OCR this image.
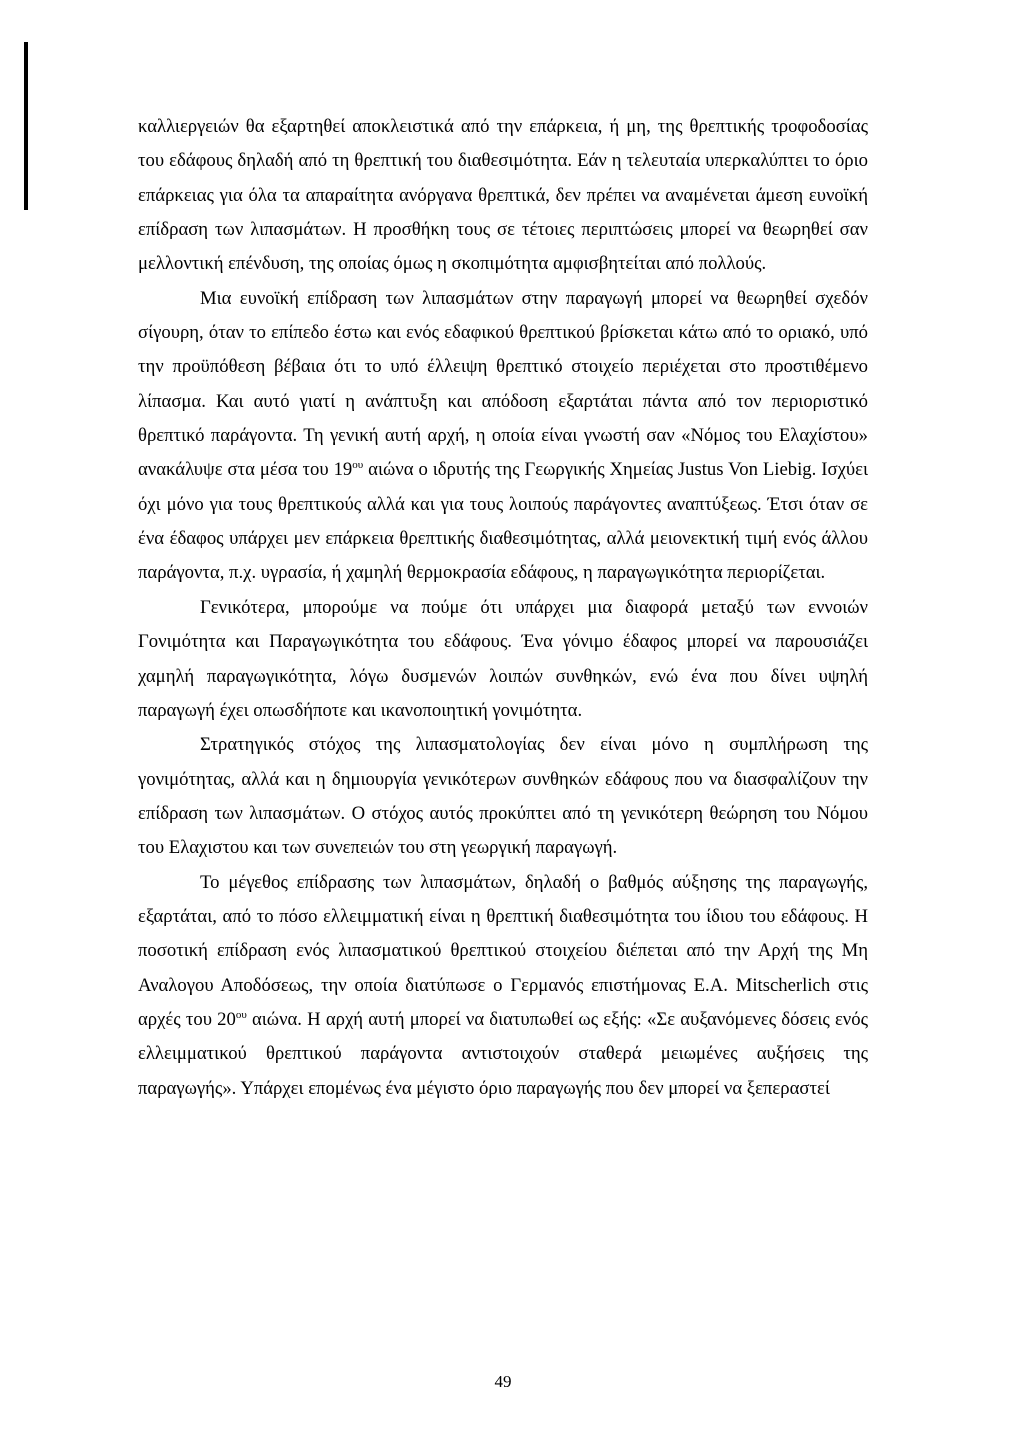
καλλιεργειών θα εξαρτηθεί αποκλειστικά από την επάρκεια, ή μη, της θρεπτικής τροφοδοσίας του εδάφους δηλαδή από τη θρεπτική του διαθεσιμότητα. Εάν η τελευταία υπερκαλύπτει το όριο επάρκειας για όλα τα απαραίτητα ανόργανα θρεπτικά, δεν πρέπει να αναμένεται άμεση ευνοϊκή επίδραση των λιπασμάτων. Η προσθήκη τους σε τέτοιες περιπτώσεις μπορεί να θεωρηθεί σαν μελλοντική επένδυση, της οποίας όμως η σκοπιμότητα αμφισβητείται από πολλούς.

Μια ευνοϊκή επίδραση των λιπασμάτων στην παραγωγή μπορεί να θεωρηθεί σχεδόν σίγουρη, όταν το επίπεδο έστω και ενός εδαφικού θρεπτικού βρίσκεται κάτω από το οριακό, υπό την προϋπόθεση βέβαια ότι το υπό έλλειψη θρεπτικό στοιχείο περιέχεται στο προστιθέμενο λίπασμα. Και αυτό γιατί η ανάπτυξη και απόδοση εξαρτάται πάντα από τον περιοριστικό θρεπτικό παράγοντα. Τη γενική αυτή αρχή, η οποία είναι γνωστή σαν «Νόμος του Ελαχίστου» ανακάλυψε στα μέσα του $19^{o\upsilon}$ αιώνα ο ιδρυτής της Γεωργικής Χημείας Justus Von Liebig. Ισχύει όχι μόνο για τους θρεπτικούς αλλά και για τους λοιπούς παράγοντες αναπτύξεως. Έτσι όταν σε ένα έδαφος υπάρχει μεν επάρκεια θρεπτικής διαθεσιμότητας, αλλά μειονεκτική τιμή ενός άλλου παράγοντα, π.χ. υγρασία, ή χαμηλή θερμοκρασία εδάφους, η παραγωγικότητα περιορίζεται.

Γενικότερα, μπορούμε να πούμε ότι υπάρχει μια διαφορά μεταξύ των εννοιών Γονιμότητα και Παραγωγικότητα του εδάφους. Ένα γόνιμο έδαφος μπορεί να παρουσιάζει χαμηλή παραγωγικότητα, λόγω δυσμενών λοιπών συνθηκών, ενώ ένα που δίνει υψηλή παραγωγή έχει οπωσδήποτε και ικανοποιητική γονιμότητα.

Στρατηγικός στόχος της λιπασματολογίας δεν είναι μόνο η συμπλήρωση της γονιμότητας, αλλά και η δημιουργία γενικότερων συνθηκών εδάφους που να διασφαλίζουν την επίδραση των λιπασμάτων. Ο στόχος αυτός προκύπτει από τη γενικότερη θεώρηση του Νόμου του Ελαχιστου και των συνεπειών του στη γεωργική παραγωγή.

Το μέγεθος επίδρασης των λιπασμάτων, δηλαδή ο βαθμός αύξησης της παραγωγής, εξαρτάται, από το πόσο ελλειμματική είναι η θρεπτική διαθεσιμότητα του ίδιου του εδάφους. Η ποσοτική επίδραση ενός λιπασματικού θρεπτικού στοιχείου διέπεται από την Αρχή της Μη Αναλογου Αποδόσεως, την οποία διατύπωσε ο Γερμανός επιστήμονας Ε.Α. Mitscherlich στις αρχές του $20^{o\upsilon}$ αιώνα. Η αρχή αυτή μπορεί να διατυπωθεί ως εξής: «Σε αυξανόμενες δόσεις ενός ελλειμματικού θρεπτικού παράγοντα αντιστοιχούν σταθερά μειωμένες αυξήσεις της παραγωγής». Υπάρχει επομένως ένα μέγιστο όριο παραγωγής που δεν μπορεί να ξεπεραστεί

49
